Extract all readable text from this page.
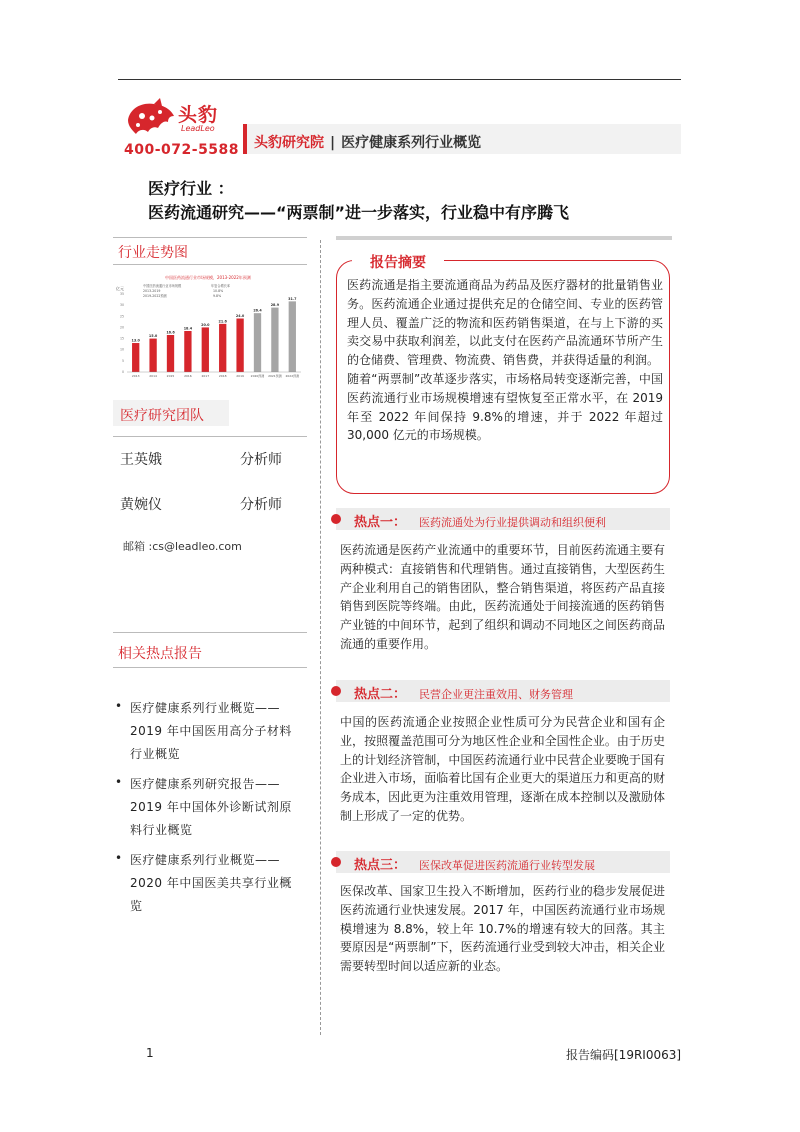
头豹
LeadLeo
400-072-5588 头豹研究院 | 医疗健康系列行业概览
医疗行业 ：
医药流通研究——“两票制”进一步落实，行业稳中有序腾飞
行业走势图
中国医药流通行业市场规模，2013-2022年预测
亿元	年复合增长率
中国医药流通行业市场规模
2013-2019	10.8%
2019-2022预测	9.8%
0
5
10
15
20
25
30
35
13.0
2013
15.0
2014
16.6
2015
18.4
2016
20.0
2017
21.6
2018
24.0
2019
26.4
2020预测
28.9
2021预测
31.7
2022预测
医疗研究团队
王英娥	分析师
黄婉仪	分析师
邮箱 :cs@leadleo.com
相关热点报告
• 医疗健康系列行业概览——
2019 年中国医用高分子材料
行业概览
• 医疗健康系列研究报告——
2019 年中国体外诊断试剂原
料行业概览
• 医疗健康系列行业概览——
2020 年中国医美共享行业概
览
报告摘要
医药流通是指主要流通商品为药品及医疗器材的批量销售业务。医药流通企业通过提供充足的仓储空间、专业的医药管理人员、覆盖广泛的物流和医药销售渠道，在与上下游的买卖交易中获取利润差，以此支付在医药产品流通环节所产生的仓储费、管理费、物流费、销售费，并获得适量的利润。
随着“两票制”改革逐步落实，市场格局转变逐渐完善，中国医药流通行业市场规模增速有望恢复至正常水平，在 2019 年至 2022 年间保持 9.8%的增速，并于 2022 年超过 30,000 亿元的市场规模。
热点一： 医药流通处为行业提供调动和组织便利
医药流通是医药产业流通中的重要环节，目前医药流通主要有两种模式：直接销售和代理销售。通过直接销售，大型医药生产企业利用自己的销售团队，整合销售渠道，将医药产品直接销售到医院等终端。由此，医药流通处于间接流通的医药销售产业链的中间环节，起到了组织和调动不同地区之间医药商品流通的重要作用。
热点二： 民营企业更注重效用、财务管理
中国的医药流通企业按照企业性质可分为民营企业和国有企业，按照覆盖范围可分为地区性企业和全国性企业。由于历史上的计划经济管制，中国医药流通行业中民营企业要晚于国有企业进入市场，面临着比国有企业更大的渠道压力和更高的财务成本，因此更为注重效用管理，逐渐在成本控制以及激励体制上形成了一定的优势。
热点三： 医保改革促进医药流通行业转型发展
医保改革、国家卫生投入不断增加，医药行业的稳步发展促进医药流通行业快速发展。2017 年，中国医药流通行业市场规模增速为 8.8%，较上年 10.7%的增速有较大的回落。其主要原因是“两票制”下，医药流通行业受到较大冲击，相关企业需要转型时间以适应新的业态。
1	报告编码[19RI0063]
